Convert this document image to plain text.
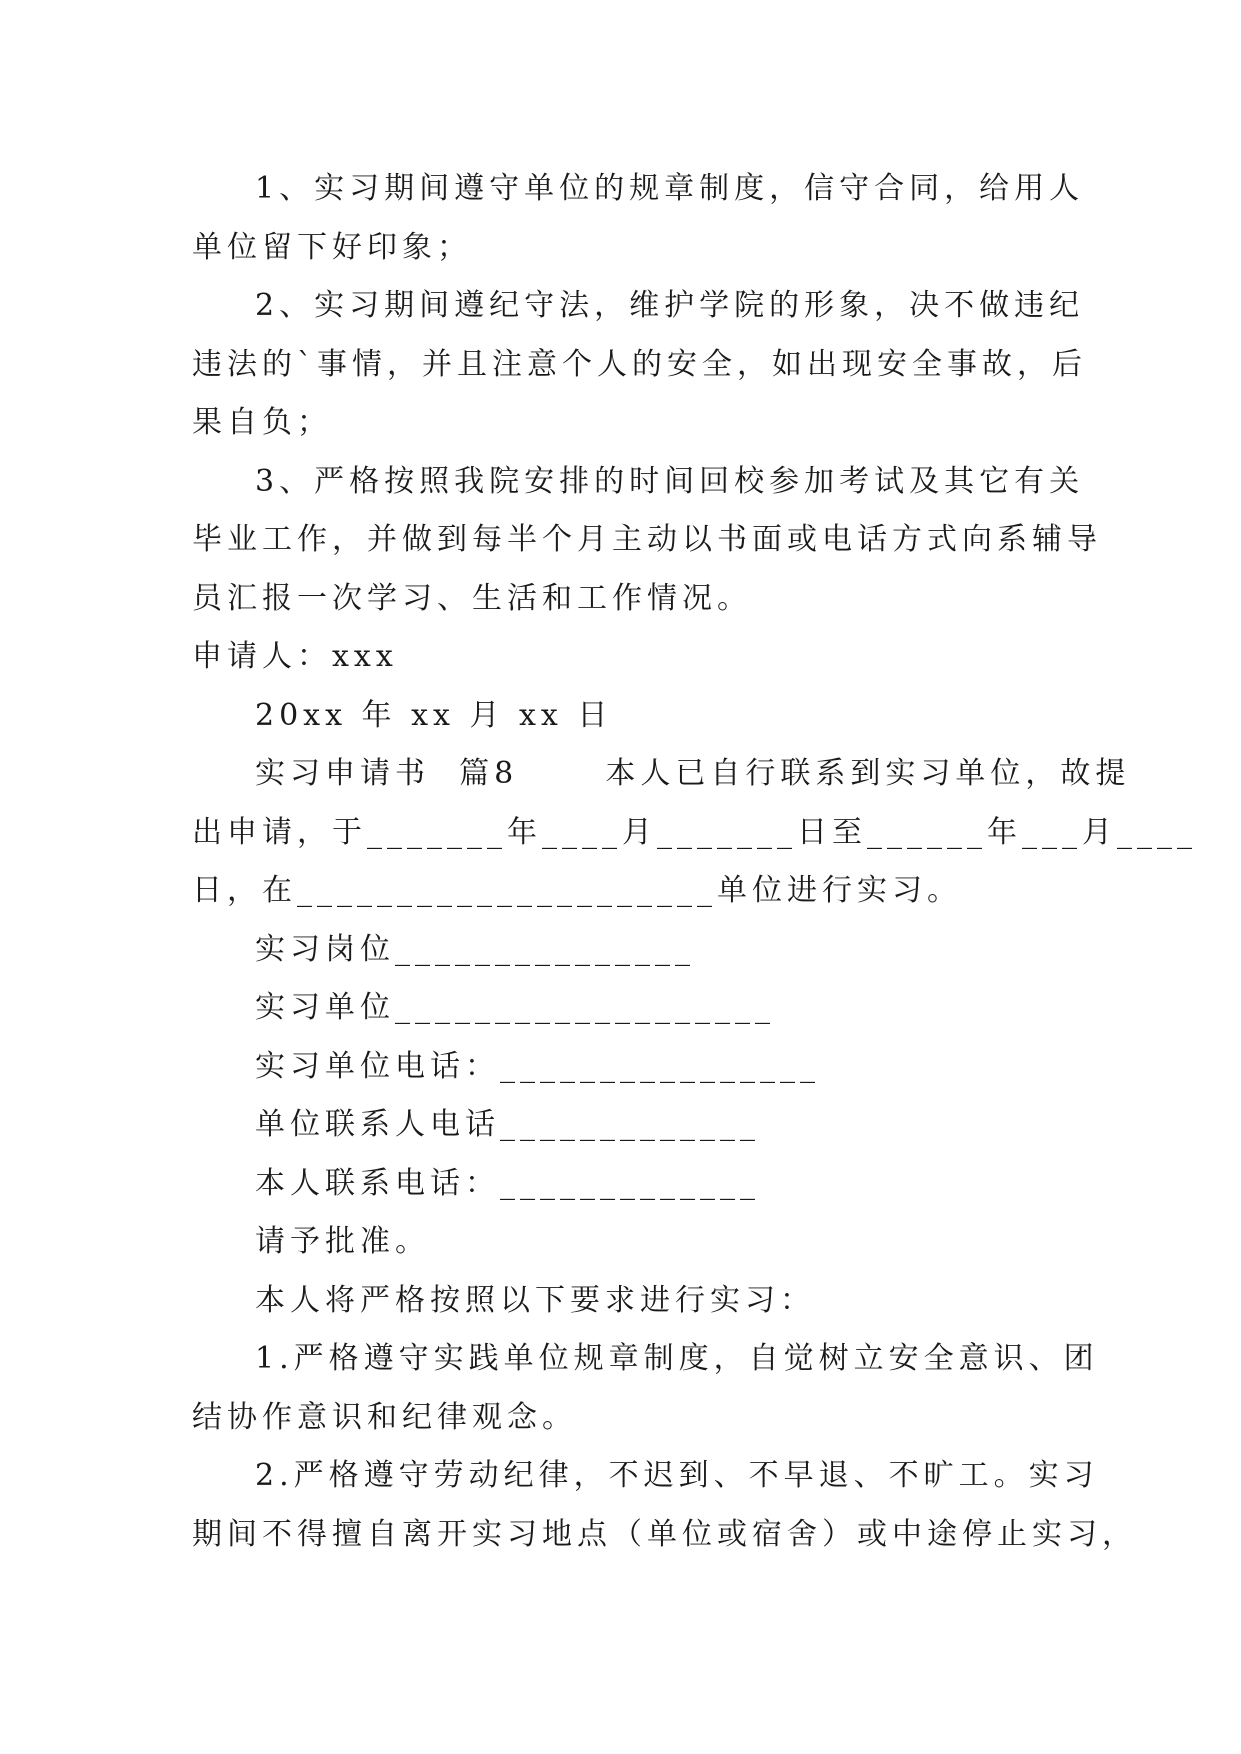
1、实习期间遵守单位的规章制度，信守合同，给用人
单位留下好印象；
2、实习期间遵纪守法，维护学院的形象，决不做违纪
违法的`事情，并且注意个人的安全，如出现安全事故，后
果自负；
3、严格按照我院安排的时间回校参加考试及其它有关
毕业工作，并做到每半个月主动以书面或电话方式向系辅导
员汇报一次学习、生活和工作情况。
申请人：xxx
20xx 年 xx 月 xx 日
实习申请书  篇8      本人已自行联系到实习单位，故提
出申请，于_______年____月_______日至______年___月____
日，在_____________________单位进行实习。
实习岗位_______________
实习单位___________________
实习单位电话：________________
单位联系人电话_____________
本人联系电话：_____________
请予批准。
本人将严格按照以下要求进行实习：
1.严格遵守实践单位规章制度，自觉树立安全意识、团
结协作意识和纪律观念。
2.严格遵守劳动纪律，不迟到、不早退、不旷工。实习
期间不得擅自离开实习地点（单位或宿舍）或中途停止实习，
